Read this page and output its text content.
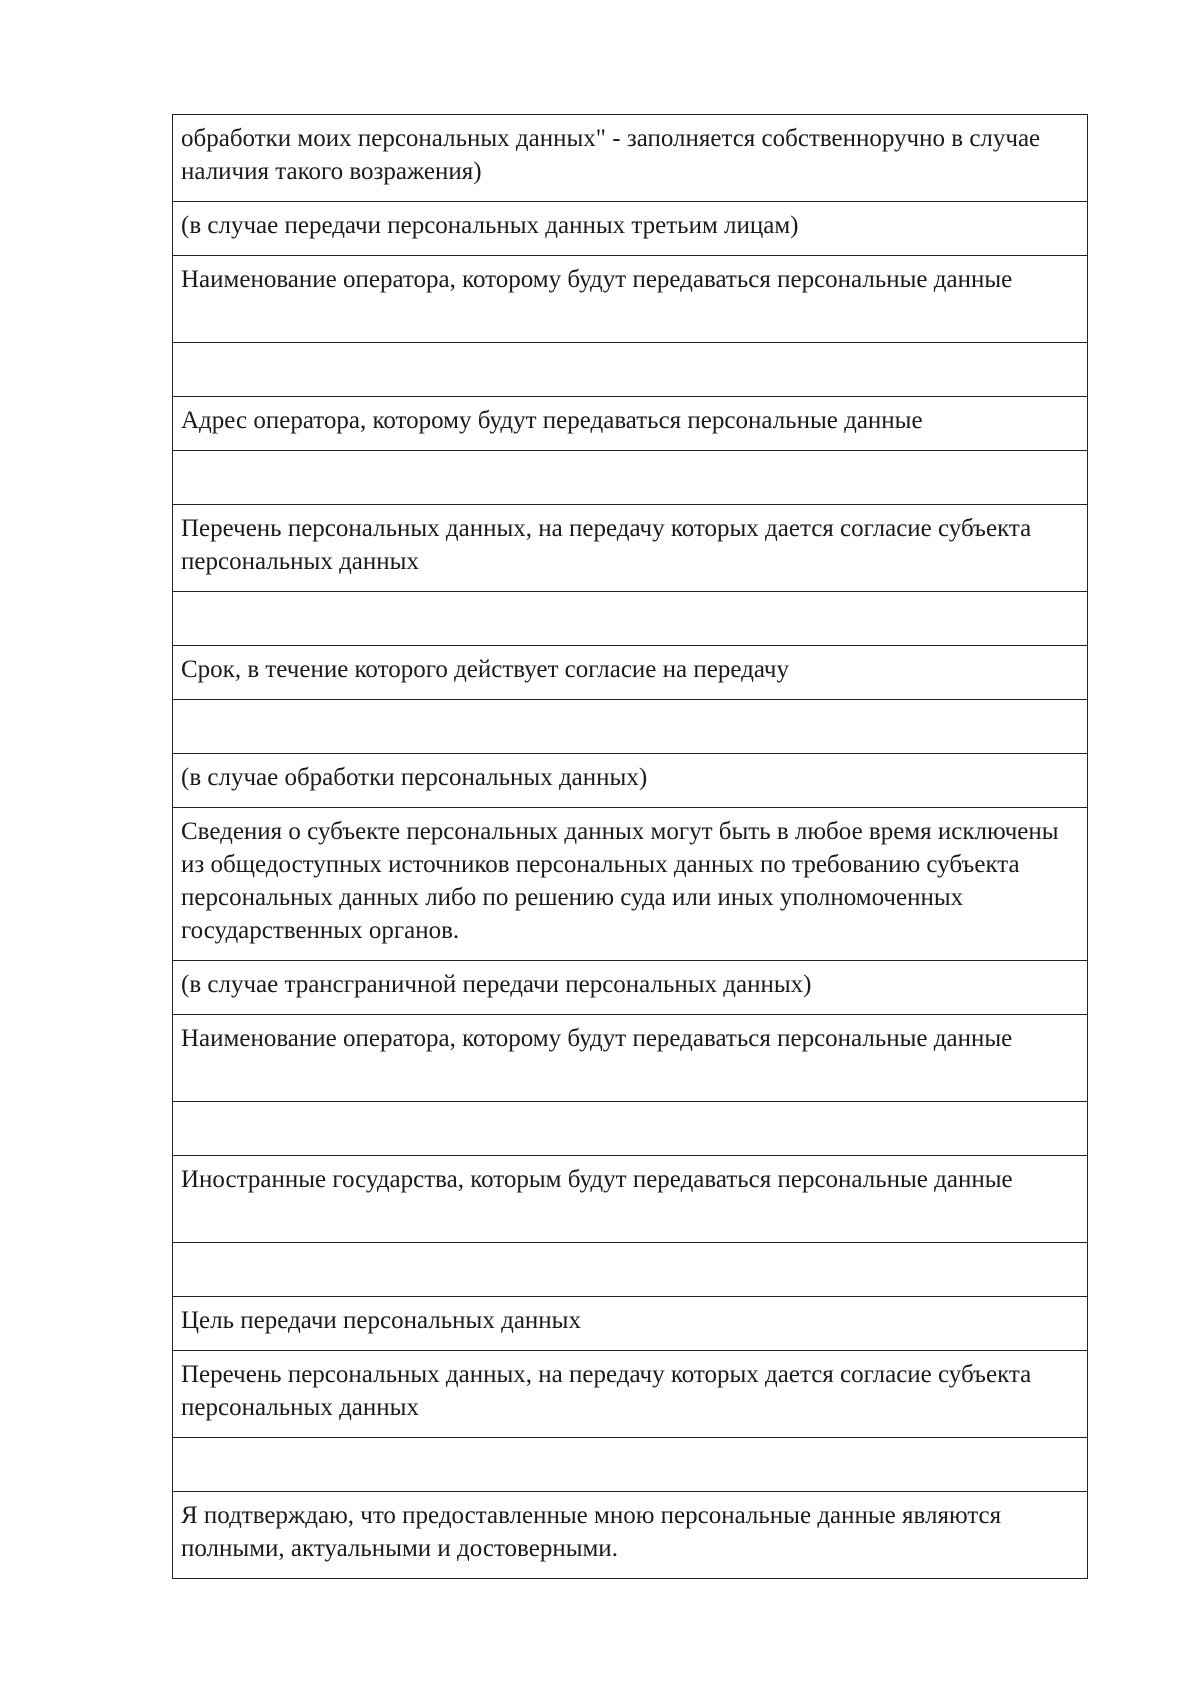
обработки моих персональных данных" - заполняется собственноручно в случае наличия такого возражения)
(в случае передачи персональных данных третьим лицам)
Наименование оператора, которому будут передаваться персональные данные

Адрес оператора, которому будут передаваться персональные данные

Перечень персональных данных, на передачу которых дается согласие субъекта персональных данных

Срок, в течение которого действует согласие на передачу

(в случае обработки персональных данных)
Сведения о субъекте персональных данных могут быть в любое время исключены из общедоступных источников персональных данных по требованию субъекта персональных данных либо по решению суда или иных уполномоченных государственных органов.
(в случае трансграничной передачи персональных данных)
Наименование оператора, которому будут передаваться персональные данные

Иностранные государства, которым будут передаваться персональные данные

Цель передачи персональных данных
Перечень персональных данных, на передачу которых дается согласие субъекта персональных данных

Я подтверждаю, что предоставленные мною персональные данные являются полными, актуальными и достоверными.
